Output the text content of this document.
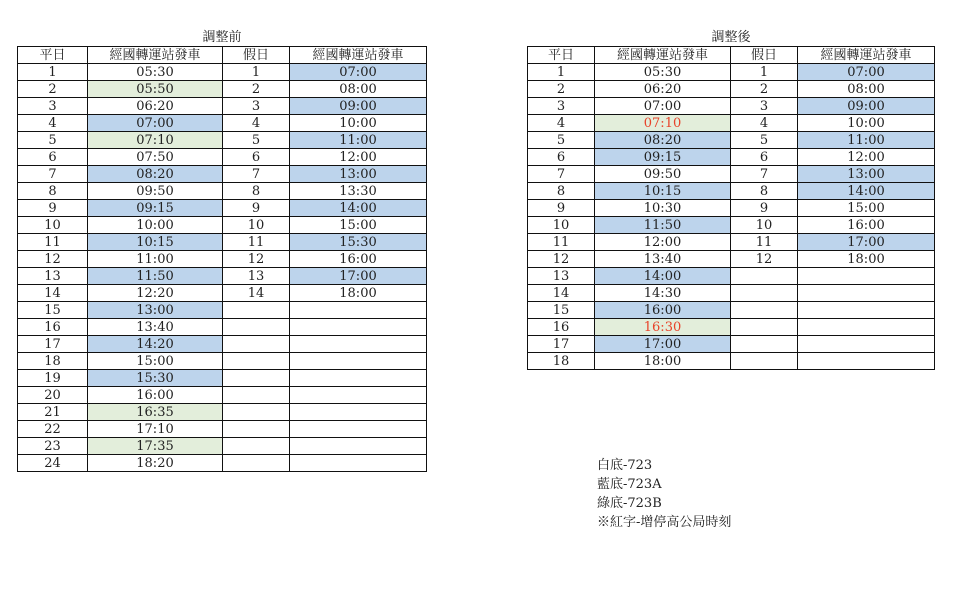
調整前
平日	經國轉運站發車	假日	經國轉運站發車
1	05:30	1	07:00
2	05:50	2	08:00
3	06:20	3	09:00
4	07:00	4	10:00
5	07:10	5	11:00
6	07:50	6	12:00
7	08:20	7	13:00
8	09:50	8	13:30
9	09:15	9	14:00
10	10:00	10	15:00
11	10:15	11	15:30
12	11:00	12	16:00
13	11:50	13	17:00
14	12:20	14	18:00
15	13:00		
16	13:40		
17	14:20		
18	15:00		
19	15:30		
20	16:00		
21	16:35		
22	17:10		
23	17:35		
24	18:20		
調整後
平日	經國轉運站發車	假日	經國轉運站發車
1	05:30	1	07:00
2	06:20	2	08:00
3	07:00	3	09:00
4	07:10	4	10:00
5	08:20	5	11:00
6	09:15	6	12:00
7	09:50	7	13:00
8	10:15	8	14:00
9	10:30	9	15:00
10	11:50	10	16:00
11	12:00	11	17:00
12	13:40	12	18:00
13	14:00		
14	14:30		
15	16:00		
16	16:30		
17	17:00		
18	18:00		
白底-723
藍底-723A
綠底-723B
※紅字-增停高公局時刻
